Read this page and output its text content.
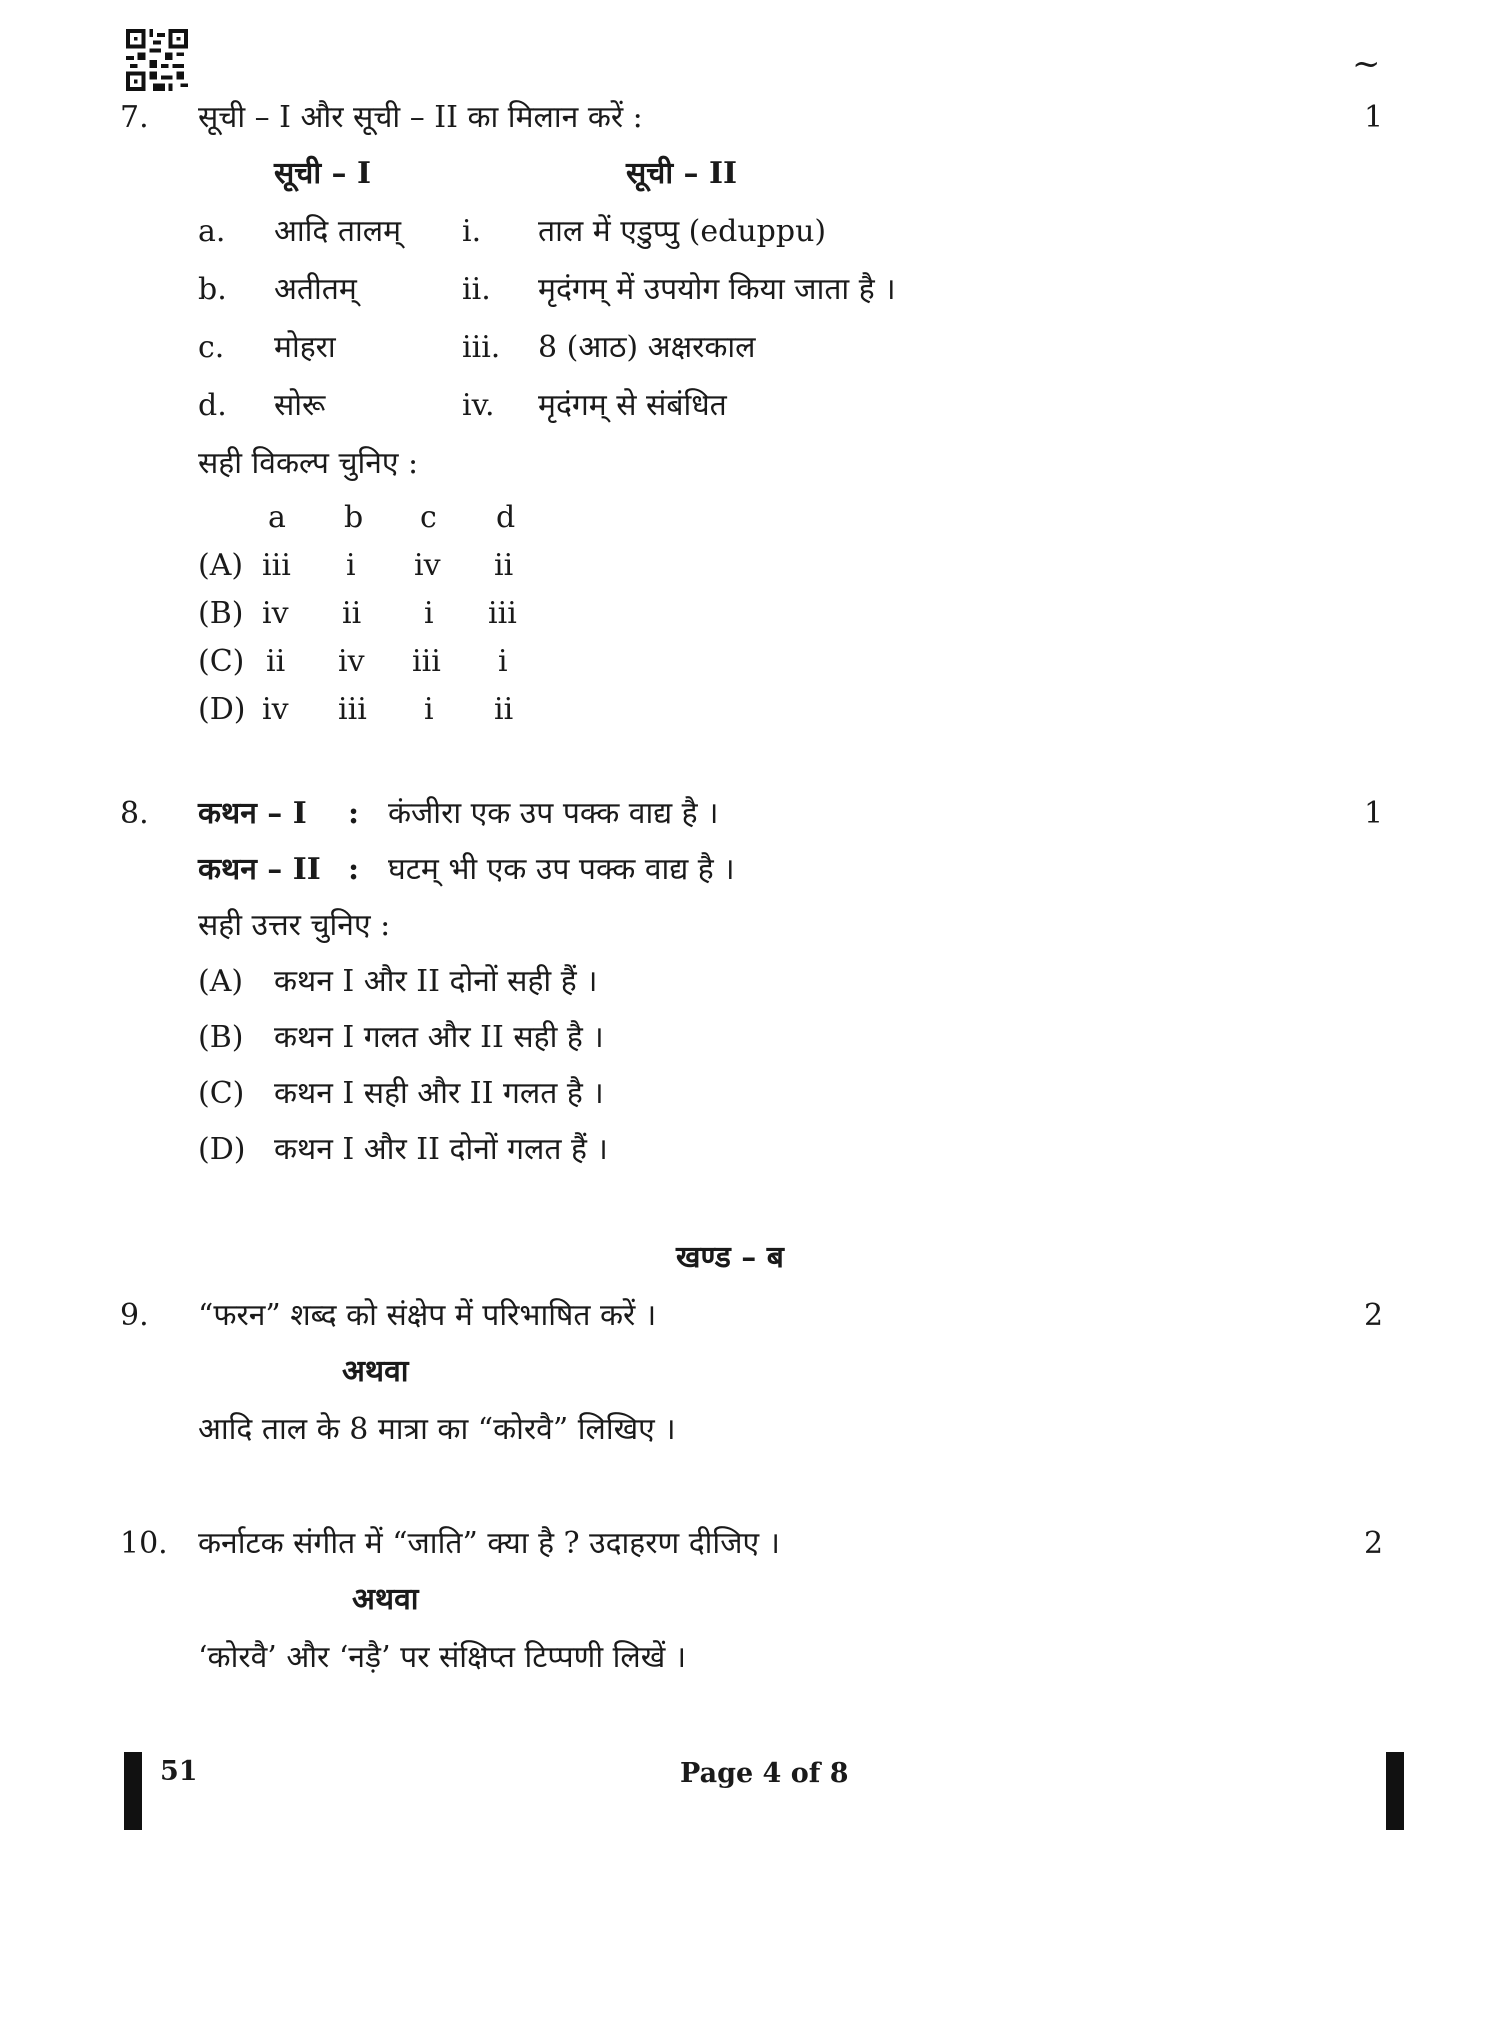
~
7. सूची – I और सूची – II का मिलान करें :	1
सूची – I	सूची – II
a. आदि तालम् i. ताल में एडुप्पु (eduppu)
b. अतीतम्	ii. मृदंगम् में उपयोग किया जाता है ।
c. मोहरा	iii. 8 (आठ) अक्षरकाल
d. सोरू	iv. मृदंगम् से संबंधित
सही विकल्प चुनिए :
a b c d
(A) iii i iv ii
(B) iv ii i iii
(C) ii iv iii i
(D) iv iii i ii
8. कथन – I : कंजीरा एक उप पक्क वाद्य है ।	1
कथन – II : घटम् भी एक उप पक्क वाद्य है ।
सही उत्तर चुनिए :
(A) कथन I और II दोनों सही हैं ।
(B) कथन I गलत और II सही है ।
(C) कथन I सही और II गलत है ।
(D) कथन I और II दोनों गलत हैं ।
खण्ड – ब
9. “फरन” शब्द को संक्षेप में परिभाषित करें ।	2
अथवा
आदि ताल के 8 मात्रा का “कोरवै” लिखिए ।
10. कर्नाटक संगीत में “जाति” क्या है ? उदाहरण दीजिए ।	2
अथवा
‘कोरवै’ और ‘नड़ै’ पर संक्षिप्त टिप्पणी लिखें ।
51	Page 4 of 8
